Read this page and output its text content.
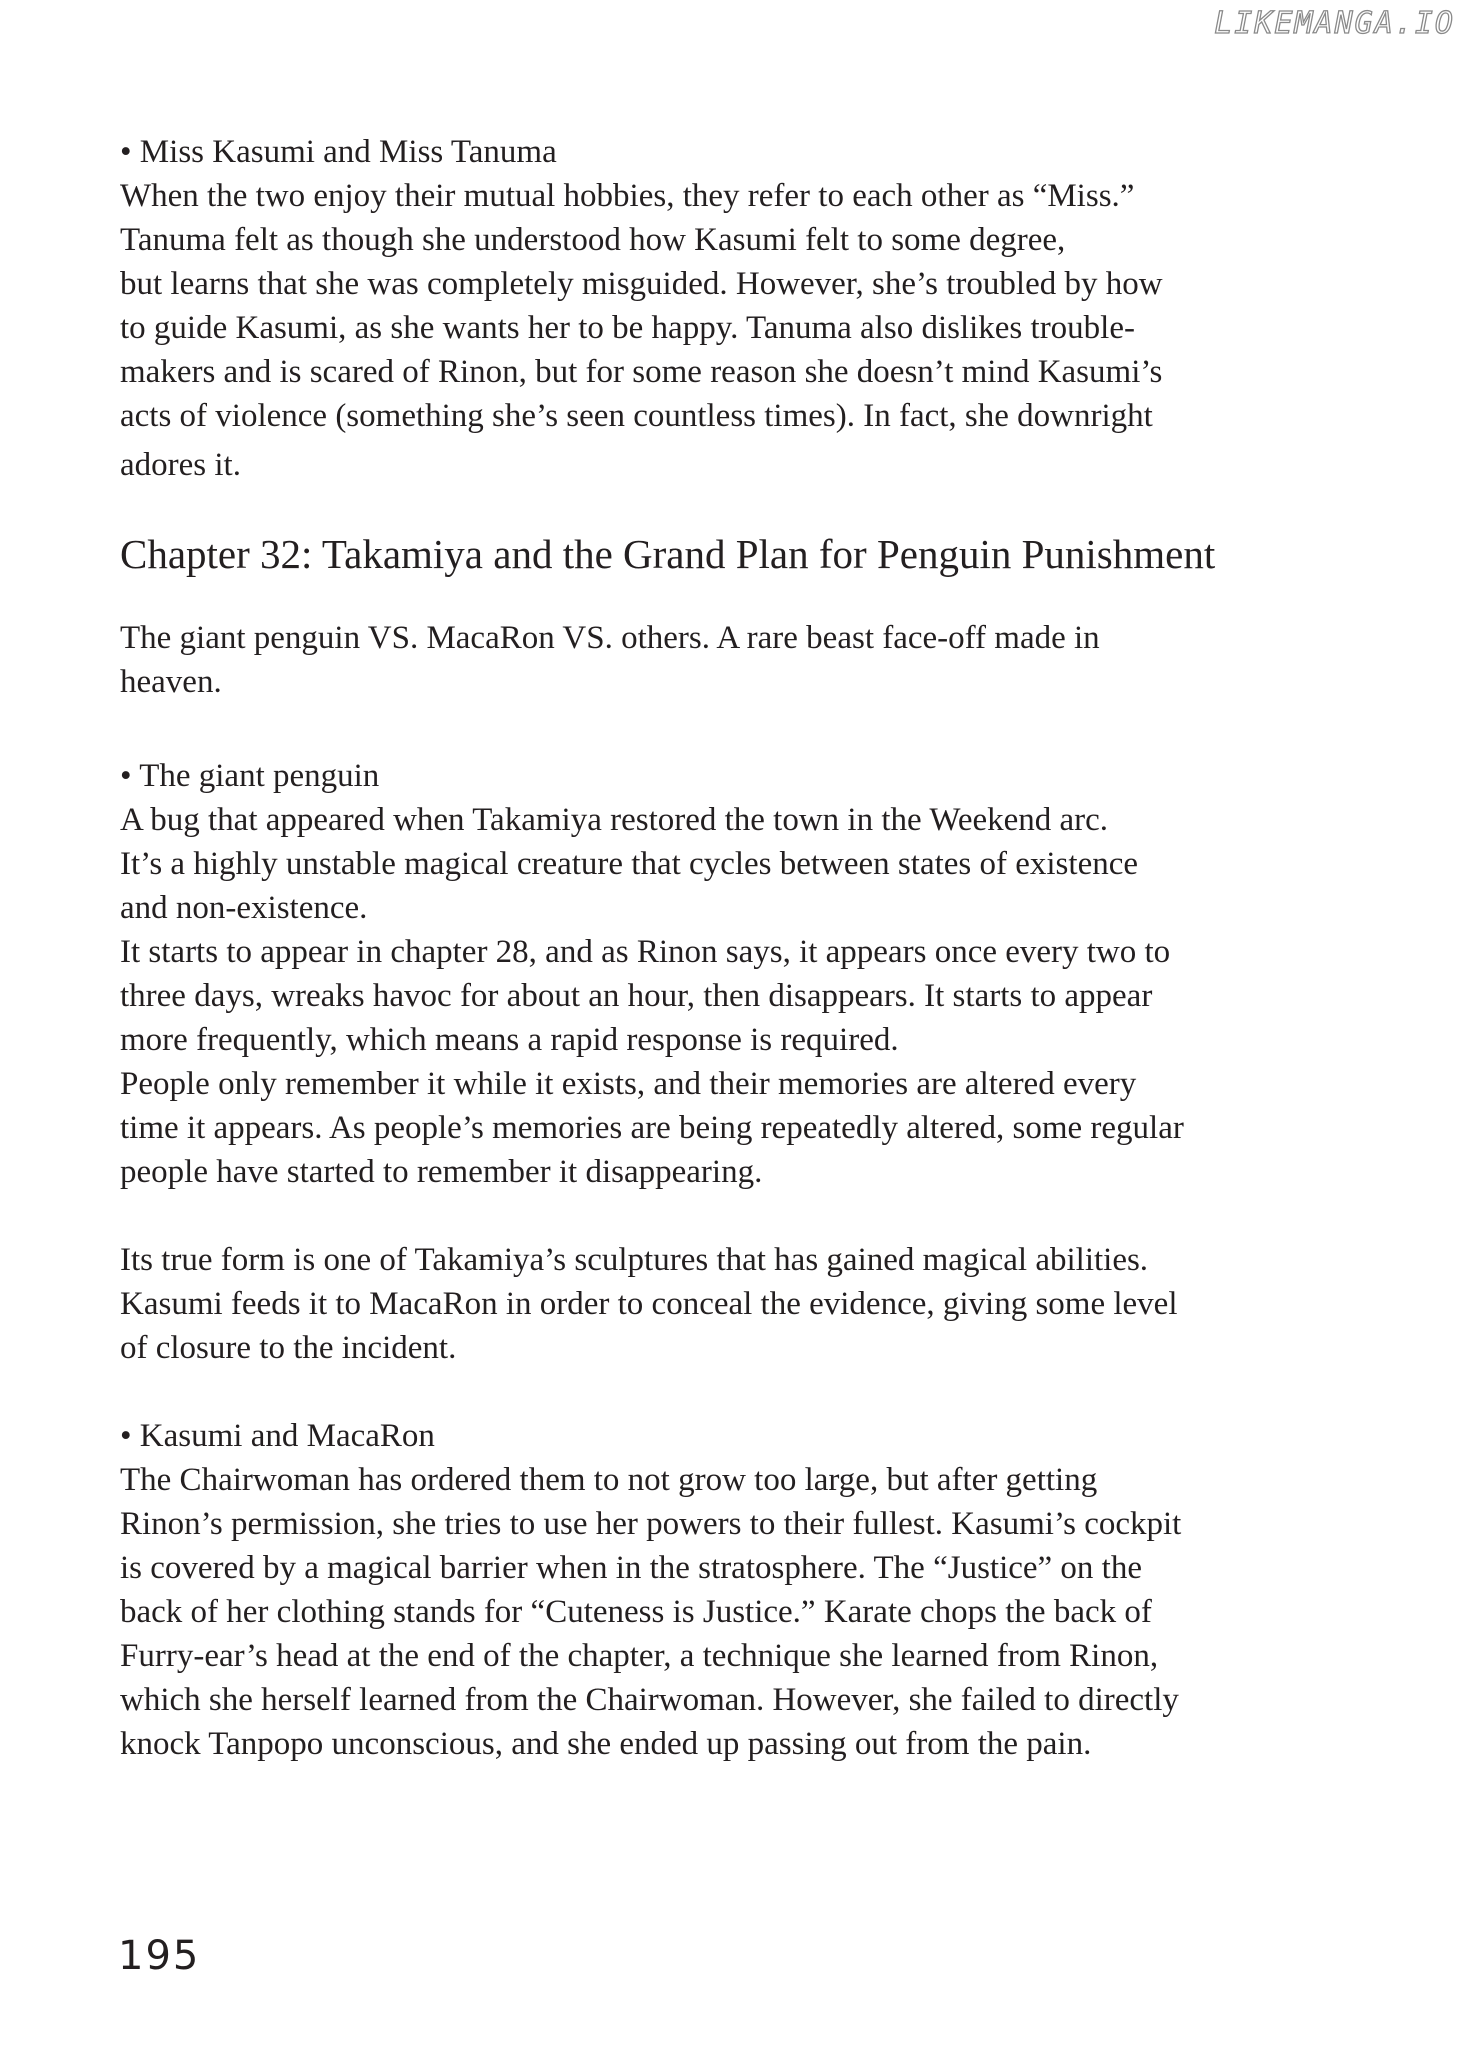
LIKEMANGA.IO
• Miss Kasumi and Miss Tanuma
When the two enjoy their mutual hobbies, they refer to each other as “Miss.”
Tanuma felt as though she understood how Kasumi felt to some degree,
but learns that she was completely misguided. However, she’s troubled by how
to guide Kasumi, as she wants her to be happy. Tanuma also dislikes trouble-
makers and is scared of Rinon, but for some reason she doesn’t mind Kasumi’s
acts of violence (something she’s seen countless times). In fact, she downright
adores it.
Chapter 32: Takamiya and the Grand Plan for Penguin Punishment
The giant penguin VS. MacaRon VS. others. A rare beast face-off made in
heaven.
• The giant penguin
A bug that appeared when Takamiya restored the town in the Weekend arc.
It’s a highly unstable magical creature that cycles between states of existence
and non-existence.
It starts to appear in chapter 28, and as Rinon says, it appears once every two to
three days, wreaks havoc for about an hour, then disappears. It starts to appear
more frequently, which means a rapid response is required.
People only remember it while it exists, and their memories are altered every
time it appears. As people’s memories are being repeatedly altered, some regular
people have started to remember it disappearing.
Its true form is one of Takamiya’s sculptures that has gained magical abilities.
Kasumi feeds it to MacaRon in order to conceal the evidence, giving some level
of closure to the incident.
• Kasumi and MacaRon
The Chairwoman has ordered them to not grow too large, but after getting
Rinon’s permission, she tries to use her powers to their fullest. Kasumi’s cockpit
is covered by a magical barrier when in the stratosphere. The “Justice” on the
back of her clothing stands for “Cuteness is Justice.” Karate chops the back of
Furry-ear’s head at the end of the chapter, a technique she learned from Rinon,
which she herself learned from the Chairwoman. However, she failed to directly
knock Tanpopo unconscious, and she ended up passing out from the pain.
195
